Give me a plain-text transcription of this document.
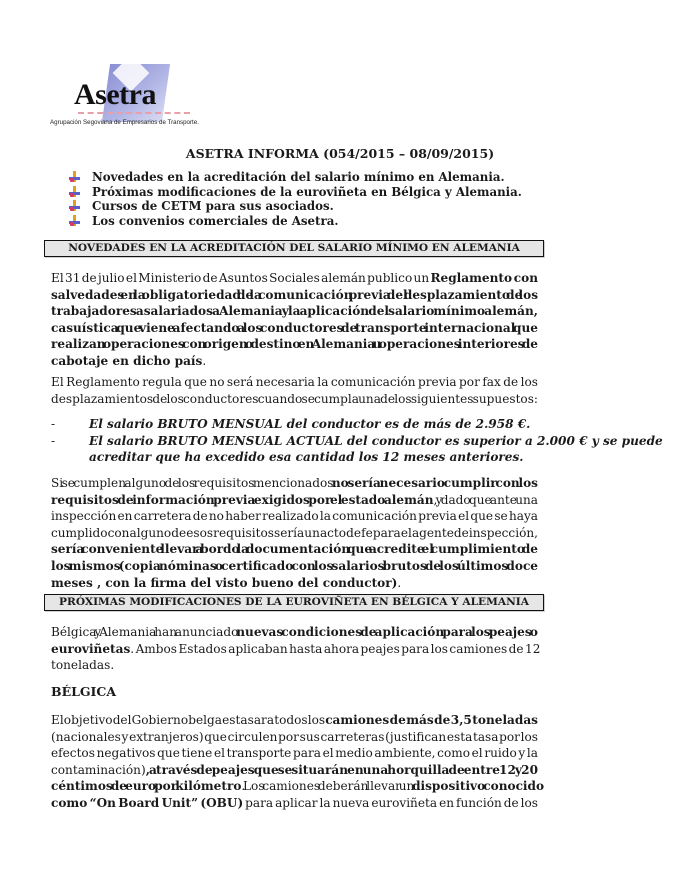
Asetra
Agrupación Segoviana de Empresarios de Transporte.
ASETRA INFORMA (054/2015 – 08/09/2015)
Novedades en la acreditación del salario mínimo en Alemania.
Próximas modificaciones de la euroviñeta en Bélgica y Alemania.
Cursos de CETM para sus asociados.
Los convenios comerciales de Asetra.
NOVEDADES EN LA ACREDITACIÓN DEL SALARIO MÍNIMO EN ALEMANIA
El 31 de julio el Ministerio de Asuntos Sociales alemán publico un Reglamento con
salvedades en la obligatoriedad de la comunicación previa del desplazamiento de los
trabajadores asalariados a Alemania y la aplicación del salario mínimo alemán,
casuística que viene afectando a los conductores de transporte internacional que
realizan operaciones con origen o destino en Alemania u operaciones interiores de
cabotaje en dicho país.
El Reglamento regula que no será necesaria la comunicación previa por fax de los
desplazamientos de los conductores cuando se cumpla una de los siguientes supuestos:
-	El salario BRUTO MENSUAL del conductor es de más de 2.958 €.
-	El salario BRUTO MENSUAL ACTUAL del conductor es superior a 2.000 € y se puede
acreditar que ha excedido esa cantidad los 12 meses anteriores.
Si se cumplen alguno de los requisitos mencionados no sería necesario cumplir con los
requisitos de información previa exigidos por el estado alemán, y dado que ante una
inspección en carretera de no haber realizado la comunicación previa el que se haya
cumplido con alguno de esos requisitos sería un acto de fe para el agente de inspección,
sería conveniente llevar a bordo la documentación que acredite el cumplimiento de
los mismos (copia nóminas o certificado con los salarios brutos de los últimos doce
meses , con la firma del visto bueno del conductor).
PRÓXIMAS MODIFICACIONES DE LA EUROVIÑETA EN BÉLGICA Y ALEMANIA
Bélgica y Alemania han anunciado nuevas condiciones de aplicación para los peajes o
euroviñetas. Ambos Estados aplicaban hasta ahora peajes para los camiones de 12
toneladas.
BÉLGICA
El objetivo del Gobierno belga es tasar a todos los camiones de más de 3,5 toneladas
(nacionales y extranjeros) que circulen por sus carreteras (justifican esta tasa por los
efectos negativos que tiene el transporte para el medio ambiente, como el ruido y la
contaminación), a través de peajes que se situarán en una horquilla de entre 12 y 20
céntimos de euro por kilómetro. Los camiones deberán llevar un dispositivo conocido
como “On Board Unit” (OBU) para aplicar la nueva euroviñeta en función de los
